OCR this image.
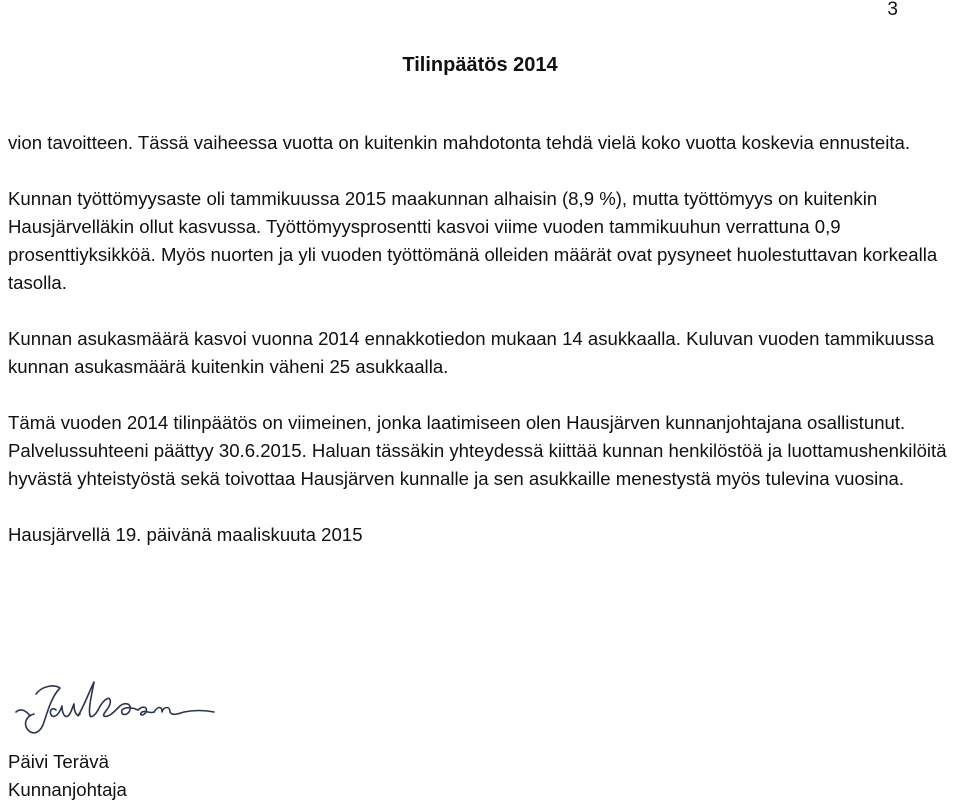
3
Tilinpäätös 2014

vion tavoitteen. Tässä vaiheessa vuotta on kuitenkin mahdotonta tehdä vielä koko vuotta koskevia ennusteita.

Kunnan työttömyysaste oli tammikuussa 2015 maakunnan alhaisin (8,9 %), mutta työttömyys on kuitenkin Hausjärvelläkin ollut kasvussa. Työttömyysprosentti kasvoi viime vuoden tammikuuhun verrattuna 0,9 prosenttiyksikköä. Myös nuorten ja yli vuoden työttömänä olleiden määrät ovat pysyneet huolestuttavan korkealla tasolla.

Kunnan asukasmäärä kasvoi vuonna 2014 ennakkotiedon mukaan 14 asukkaalla. Kuluvan vuoden tammikuussa kunnan asukasmäärä kuitenkin väheni 25 asukkaalla.

Tämä vuoden 2014 tilinpäätös on viimeinen, jonka laatimiseen olen Hausjärven kunnanjohtajana osallistunut. Palvelussuhteeni päättyy 30.6.2015. Haluan tässäkin yhteydessä kiittää kunnan henkilöstöä ja luottamushenkilöitä hyvästä yhteistyöstä sekä toivottaa Hausjärven kunnalle ja sen asukkaille menestystä myös tulevina vuosina.

Hausjärvellä 19. päivänä maaliskuuta 2015

Päivi Terävä
Kunnanjohtaja
